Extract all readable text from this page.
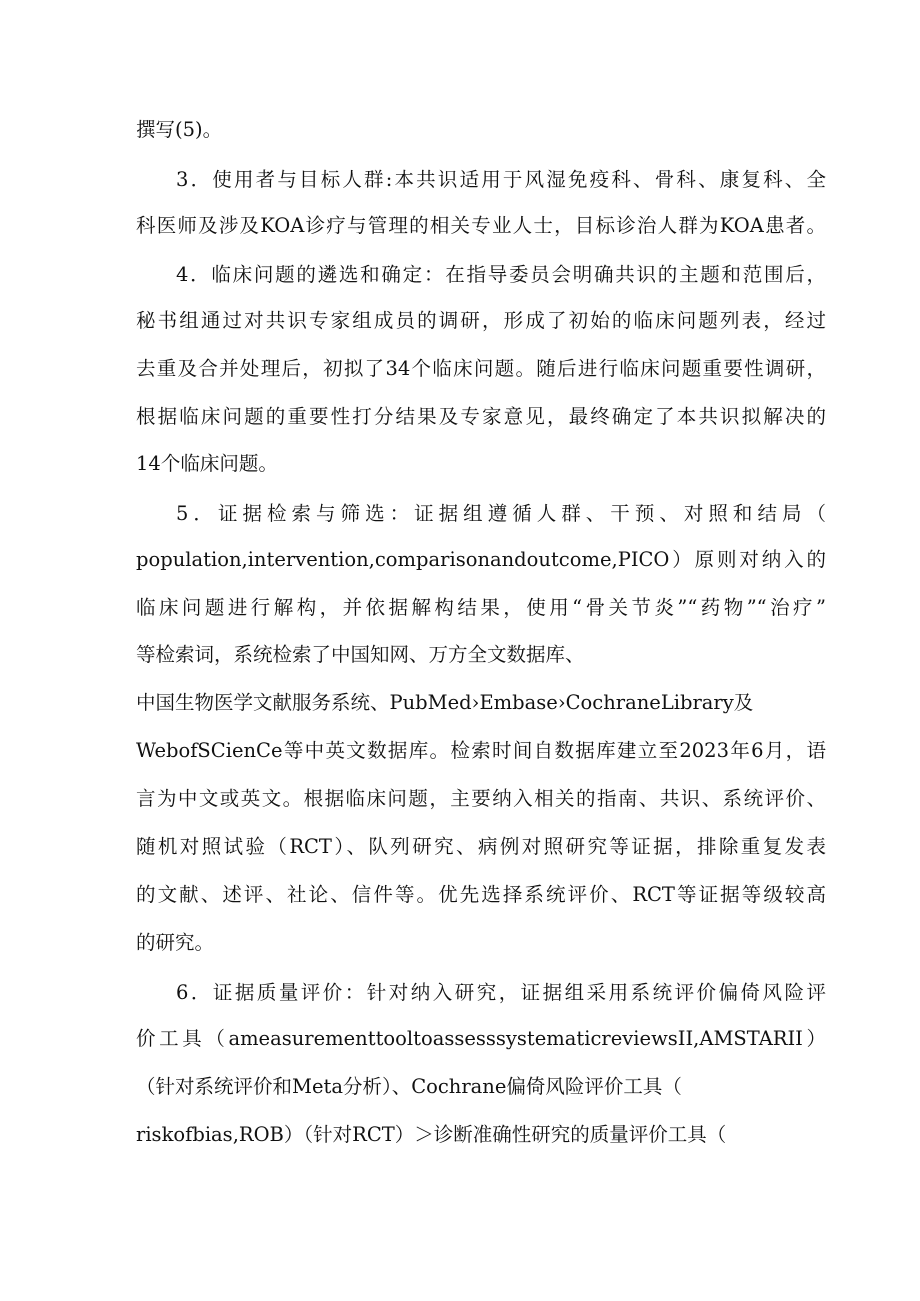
撰写(5)。
3．使用者与目标人群:本共识适用于风湿免疫科、骨科、康复科、全
科医师及涉及KOA诊疗与管理的相关专业人士，目标诊治人群为KOA患者。
4．临床问题的遴选和确定：在指导委员会明确共识的主题和范围后，
秘书组通过对共识专家组成员的调研，形成了初始的临床问题列表，经过
去重及合并处理后，初拟了34个临床问题。随后进行临床问题重要性调研，
根据临床问题的重要性打分结果及专家意见，最终确定了本共识拟解决的
14个临床问题。
5．证据检索与筛选：证据组遵循人群、干预、对照和结局（
population,intervention,comparisonandoutcome,PICO）原则对纳入的
临床问题进行解构，并依据解构结果，使用“骨关节炎”“药物”“治疗”
等检索词，系统检索了中国知网、万方全文数据库、
中国生物医学文献服务系统、PubMed›Embase›CochraneLibrary及
WebofSCienCe等中英文数据库。检索时间自数据库建立至2023年6月，语
言为中文或英文。根据临床问题，主要纳入相关的指南、共识、系统评价、
随机对照试验（RCT）、队列研究、病例对照研究等证据，排除重复发表
的文献、述评、社论、信件等。优先选择系统评价、RCT等证据等级较高
的研究。
6．证据质量评价：针对纳入研究，证据组采用系统评价偏倚风险评
价工具（ameasurementtooltoassesssystematicreviewsII,AMSTARII）
（针对系统评价和Meta分析）、Cochrane偏倚风险评价工具（
riskofbias,ROB）（针对RCT）＞诊断准确性研究的质量评价工具（
